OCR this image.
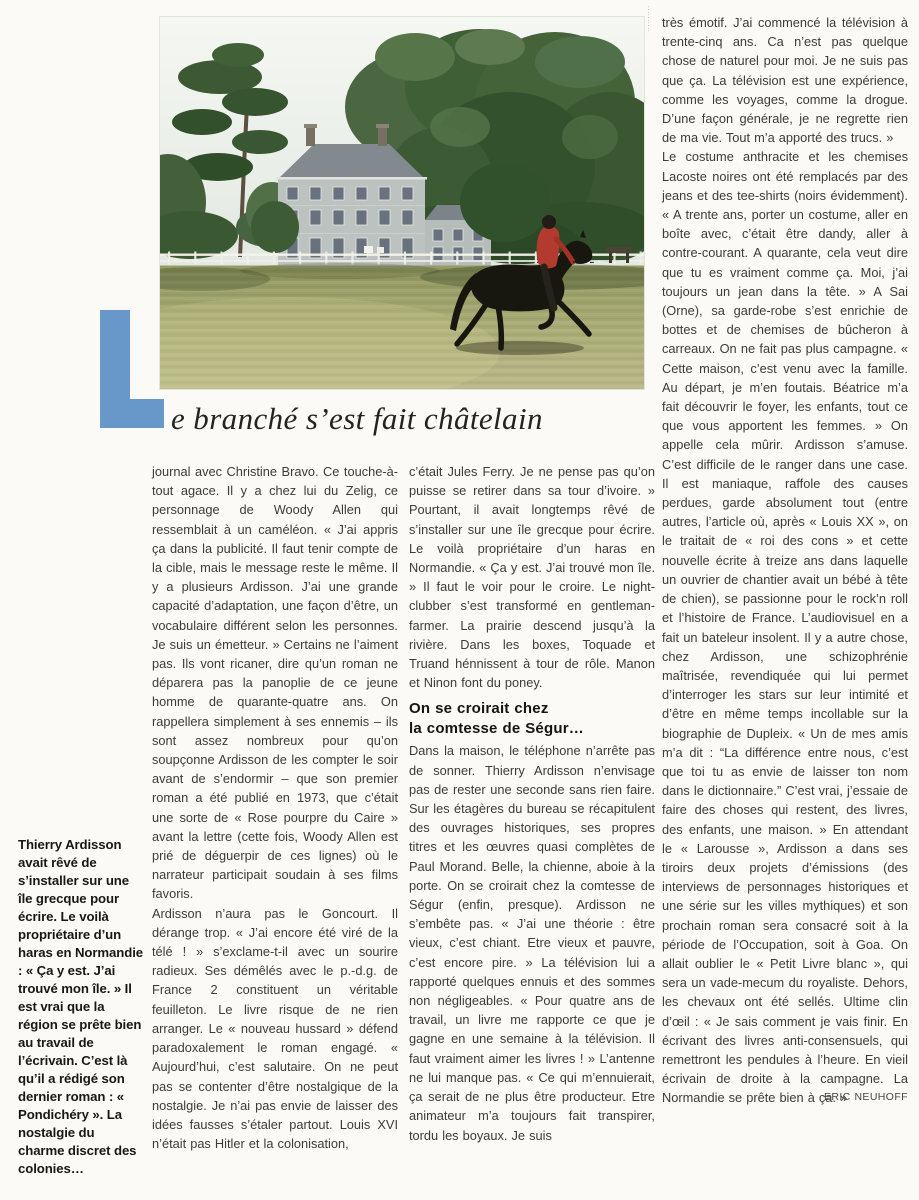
··········
e branché s’est fait châtelain
Thierry Ardisson avait rêvé de s’installer sur une île grecque pour écrire. Le voilà propriétaire d’un haras en Normandie : « Ça y est. J’ai trouvé mon île. » Il est vrai que la région se prête bien au travail de l’écrivain. C’est là qu’il a rédigé son dernier roman : « Pondichéry ». La nostalgie du charme discret des colonies…

journal avec Christine Bravo. Ce touche-à-tout agace. Il y a chez lui du Zelig, ce personnage de Woody Allen qui ressemblait à un caméléon. « J’ai appris ça dans la publicité. Il faut tenir compte de la cible, mais le message reste le même. Il y a plusieurs Ardisson. J’ai une grande capacité d’adaptation, une façon d’être, un vocabulaire différent selon les personnes. Je suis un émetteur. » Certains ne l’aiment pas. Ils vont ricaner, dire qu’un roman ne déparera pas la panoplie de ce jeune homme de quarante-quatre ans. On rappellera simplement à ses ennemis – ils sont assez nombreux pour qu’on soupçonne Ardisson de les compter le soir avant de s’endormir – que son premier roman a été publié en 1973, que c’était une sorte de « Rose pourpre du Caire » avant la lettre (cette fois, Woody Allen est prié de déguerpir de ces lignes) où le narrateur participait soudain à ses films favoris.

Ardisson n’aura pas le Goncourt. Il dérange trop. « J’ai encore été viré de la télé ! » s’exclame-t-il avec un sourire radieux. Ses démêlés avec le p.-d.g. de France 2 constituent un véritable feuilleton. Le livre risque de ne rien arranger. Le « nouveau hussard » défend paradoxalement le roman engagé. « Aujourd’hui, c’est salutaire. On ne peut pas se contenter d’être nostalgique de la nostalgie. Je n’ai pas envie de laisser des idées fausses s’étaler partout. Louis XVI n’était pas Hitler et la colonisation,

c’était Jules Ferry. Je ne pense pas qu’on puisse se retirer dans sa tour d’ivoire. » Pourtant, il avait longtemps rêvé de s’installer sur une île grecque pour écrire. Le voilà propriétaire d’un haras en Normandie. « Ça y est. J’ai trouvé mon île. » Il faut le voir pour le croire. Le night-clubber s’est transformé en gentleman-farmer. La prairie descend jusqu’à la rivière. Dans les boxes, Toquade et Truand hénnissent à tour de rôle. Manon et Ninon font du poney.

On se croirait chez
la comtesse de Ségur…

Dans la maison, le téléphone n’arrête pas de sonner. Thierry Ardisson n’envisage pas de rester une seconde sans rien faire. Sur les étagères du bureau se récapitulent des ouvrages historiques, ses propres titres et les œuvres quasi complètes de Paul Morand. Belle, la chienne, aboie à la porte. On se croirait chez la comtesse de Ségur (enfin, presque). Ardisson ne s’embête pas. « J’ai une théorie : être vieux, c’est chiant. Etre vieux et pauvre, c’est encore pire. » La télévision lui a rapporté quelques ennuis et des sommes non négligeables. « Pour quatre ans de travail, un livre me rapporte ce que je gagne en une semaine à la télévision. Il faut vraiment aimer les livres ! » L’antenne ne lui manque pas. « Ce qui m’ennuierait, ça serait de ne plus être producteur. Etre animateur m’a toujours fait transpirer, tordu les boyaux. Je suis

très émotif. J’ai commencé la télévision à trente-cinq ans. Ca n’est pas quelque chose de naturel pour moi. Je ne suis pas que ça. La télévision est une expérience, comme les voyages, comme la drogue. D’une façon générale, je ne regrette rien de ma vie. Tout m’a apporté des trucs. »

Le costume anthracite et les chemises Lacoste noires ont été remplacés par des jeans et des tee-shirts (noirs évidemment). « A trente ans, porter un costume, aller en boîte avec, c’était être dandy, aller à contre-courant. A quarante, cela veut dire que tu es vraiment comme ça. Moi, j’ai toujours un jean dans la tête. » A Sai (Orne), sa garde-robe s’est enrichie de bottes et de chemises de bûcheron à carreaux. On ne fait pas plus campagne. « Cette maison, c’est venu avec la famille. Au départ, je m’en foutais. Béatrice m’a fait découvrir le foyer, les enfants, tout ce que vous apportent les femmes. » On appelle cela mûrir. Ardisson s’amuse. C’est difficile de le ranger dans une case. Il est maniaque, raffole des causes perdues, garde absolument tout (entre autres, l’article où, après « Louis XX », on le traitait de « roi des cons » et cette nouvelle écrite à treize ans dans laquelle un ouvrier de chantier avait un bébé à tête de chien), se passionne pour le rock’n roll et l’histoire de France. L’audiovisuel en a fait un bateleur insolent. Il y a autre chose, chez Ardisson, une schizophrénie maîtrisée, revendiquée qui lui permet d’interroger les stars sur leur intimité et d’être en même temps incollable sur la biographie de Dupleix. « Un de mes amis m’a dit : “La différence entre nous, c’est que toi tu as envie de laisser ton nom dans le dictionnaire.” C’est vrai, j’essaie de faire des choses qui restent, des livres, des enfants, une maison. » En attendant le « Larousse », Ardisson a dans ses tiroirs deux projets d’émissions (des interviews de personnages historiques et une série sur les villes mythiques) et son prochain roman sera consacré soit à la période de l’Occupation, soit à Goa. On allait oublier le « Petit Livre blanc », qui sera un vade-mecum du royaliste. Dehors, les chevaux ont été sellés. Ultime clin d’œil : « Je sais comment je vais finir. En écrivant des livres anti-consensuels, qui remettront les pendules à l’heure. En vieil écrivain de droite à la campagne. La Normandie se prête bien à ça. »

ERIC NEUHOFF
